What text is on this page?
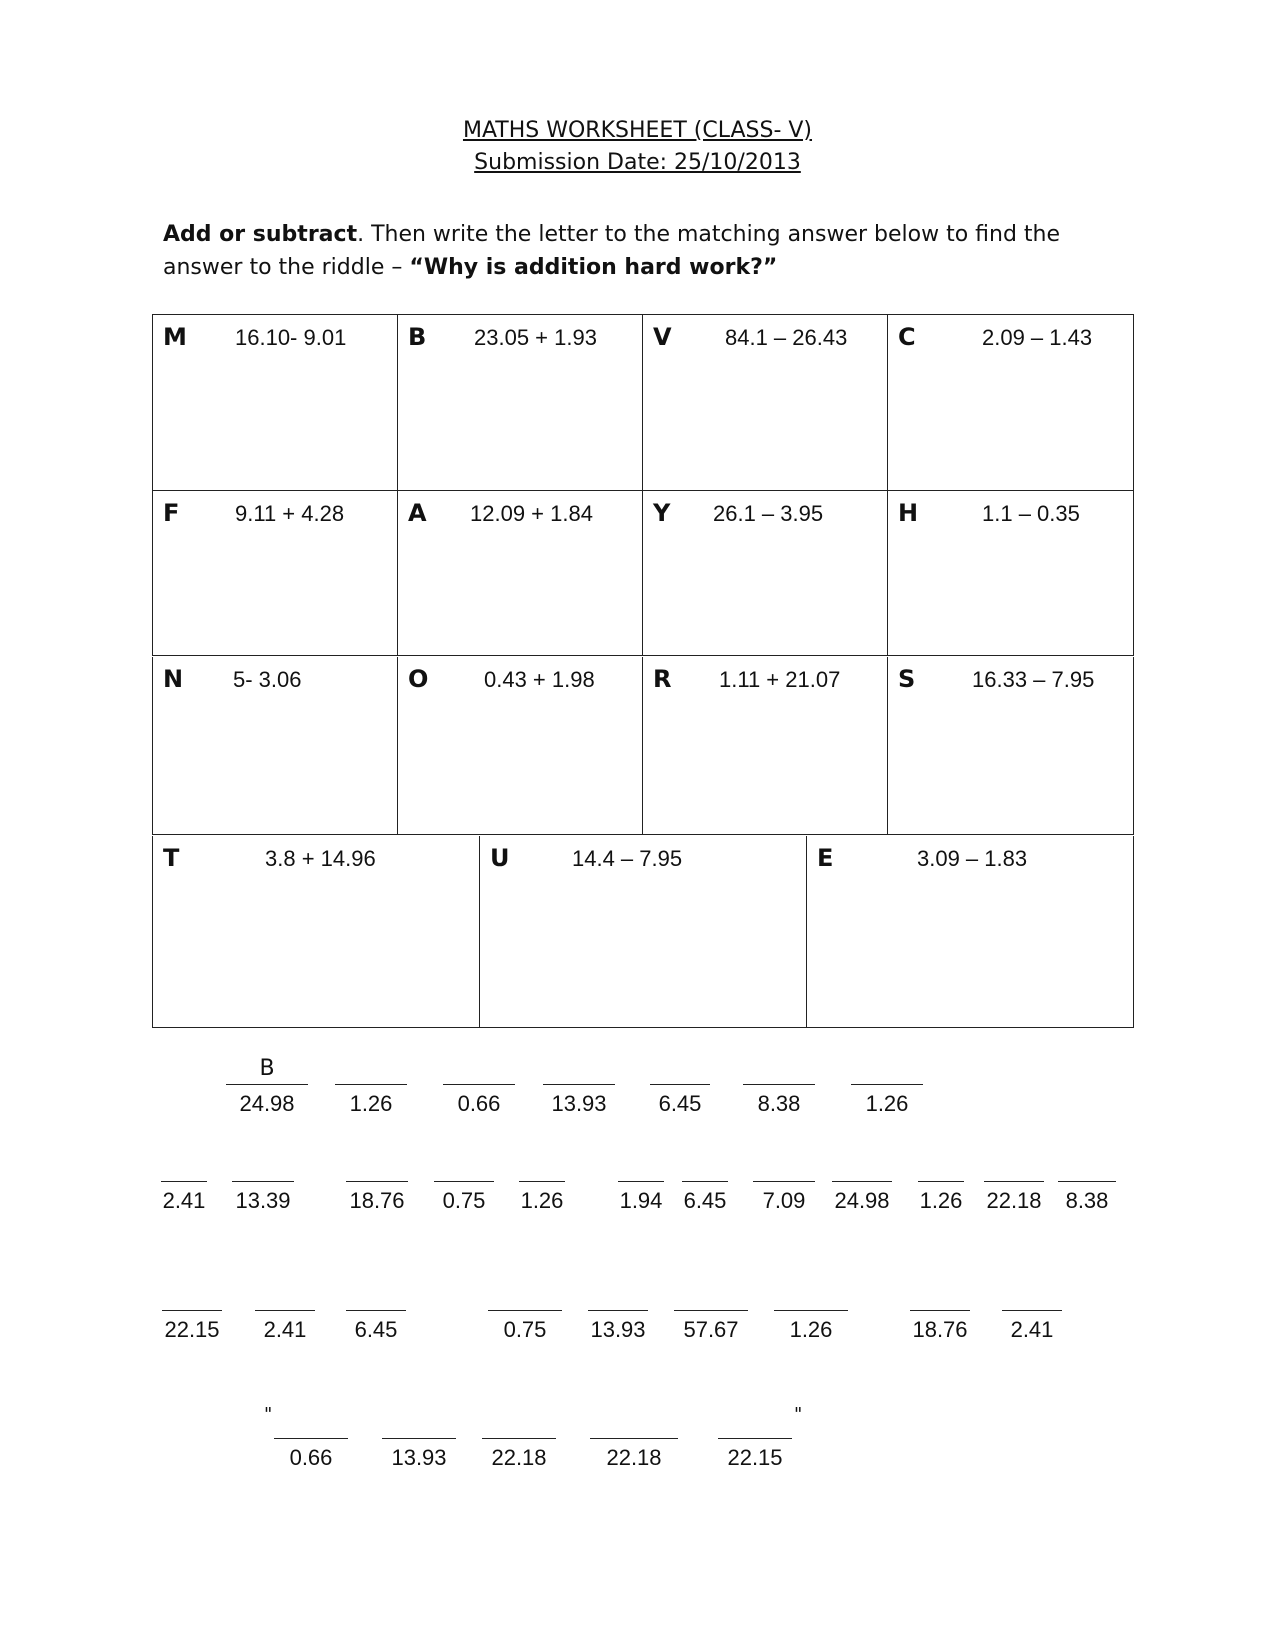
MATHS WORKSHEET (CLASS- V)
Submission Date: 25/10/2013
Add or subtract. Then write the letter to the matching answer below to find the answer to the riddle – “Why is addition hard work?”
M 16.10- 9.01	B 23.05 + 1.93 V 84.1 – 26.43 C	2.09 – 1.43
F	9.11 + 4.28	A 12.09 + 1.84	Y 26.1 – 3.95	H	1.1 – 0.35
N 5- 3.06	O	0.43 + 1.98 R 1.11 + 21.07 S	16.33 – 7.95
T	3.8 + 14.96	U	14.4 – 7.95	E	3.09 – 1.83
B
24.98	1.26	0.66	13.93	6.45	8.38	1.26
2.41 13.39	18.76	0.75	1.26	1.94 6.45	7.09	24.98 1.26 22.18	8.38
22.15	2.41	6.45	0.75	13.93	57.67	1.26	18.76	2.41
"
0.66	13.93	22.18	22.18	22.15
"
